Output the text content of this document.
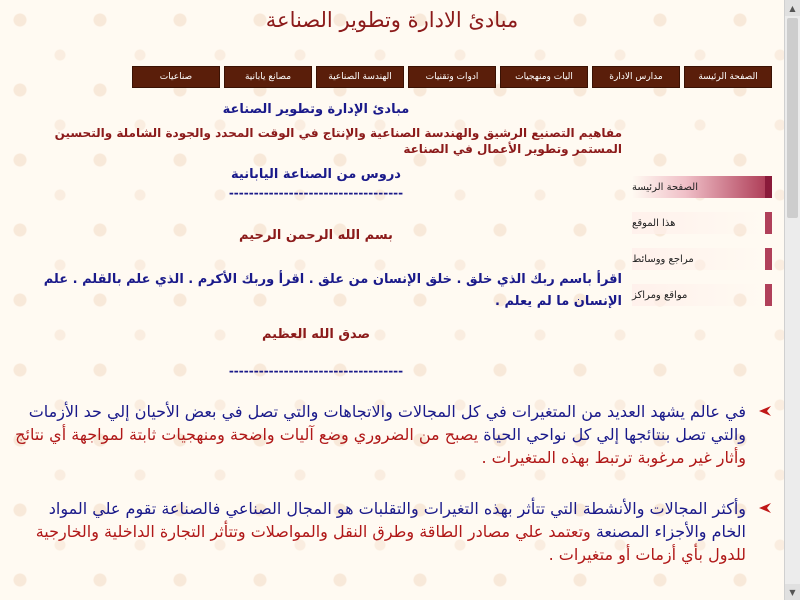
مبادئ الادارة وتطوير الصناعة
الصفحة الرئيسة
مدارس الادارة
اليات ومنهجيات
ادوات وتقنيات
الهندسة الصناعية
مصانع يابانية
صناعيات
الصفحة الرئيسة
هذا الموقع
مراجع ووسائط
مواقع ومراكز
مبادئ الإدارة وتطوير الصناعة
مفاهيم التصنيع الرشيق والهندسة الصناعية والإنتاج في الوقت المحدد والجودة الشاملة والتحسين المستمر وتطوير الأعمال في الصناعة
دروس من الصناعة اليابانية
-----------------------------------
بسم الله الرحمن الرحيم
اقرأ باسم ربك الذي خلق . خلق الإنسان من علق . اقرأ وربك الأكرم . الذي علم بالقلم . علم الإنسان ما لم يعلم .
صدق الله العظيم
-----------------------------------
في عالم يشهد العديد من المتغيرات في كل المجالات والاتجاهات والتي تصل في بعض الأحيان إلي حد الأزمات والتي تصل بنتائجها إلي كل نواحي الحياة يصبح من الضروري وضع آليات واضحة ومنهجيات ثابتة لمواجهة أي نتائج وأثار غير مرغوبة ترتبط بهذه المتغيرات .
وأكثر المجالات والأنشطة التي تتأثر بهذه التغيرات والتقلبات هو المجال الصناعي فالصناعة تقوم علي المواد الخام والأجزاء المصنعة وتعتمد علي مصادر الطاقة وطرق النقل والمواصلات وتتأثر التجارة الداخلية والخارجية للدول بأي أزمات أو متغيرات .
▲
▼
